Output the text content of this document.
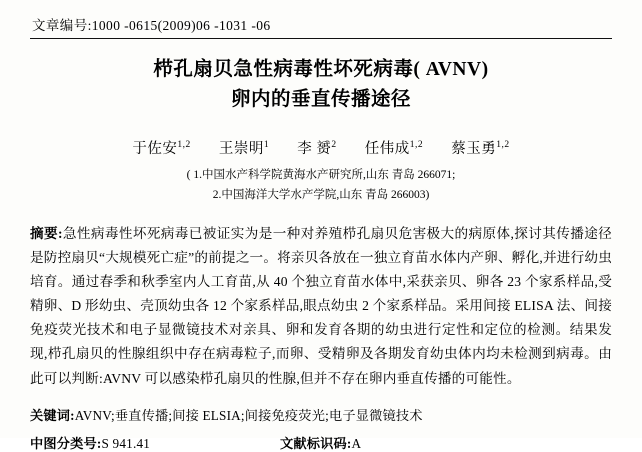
文章编号:1000 -0615(2009)06 -1031 -06
栉孔扇贝急性病毒性坏死病毒( AVNV)
卵内的垂直传播途径
于佐安$^{1,2}$ 王崇明$^1$ 李 赟$^2$ 任伟成$^{1,2}$ 蔡玉勇$^{1,2}$
( 1.中国水产科学院黄海水产研究所,山东 青岛 266071;
2.中国海洋大学水产学院,山东 青岛 266003)
摘要:急性病毒性坏死病毒已被证实为是一种对养殖栉孔扇贝危害极大的病原体,探讨其传播途径是防控扇贝“大规模死亡症”的前提之一。将亲贝各放在一独立育苗水体内产卵、孵化,并进行幼虫培育。通过春季和秋季室内人工育苗,从 40 个独立育苗水体中,采获亲贝、卵各 23 个家系样品,受精卵、D 形幼虫、壳顶幼虫各 12 个家系样品,眼点幼虫 2 个家系样品。采用间接 ELISA 法、间接免疫荧光技术和电子显微镜技术对亲具、卵和发育各期的幼虫进行定性和定位的检测。结果发现,栉孔扇贝的性腺组织中存在病毒粒子,而卵、受精卵及各期发育幼虫体内均未检测到病毒。由此可以判断:AVNV 可以感染栉孔扇贝的性腺,但并不存在卵内垂直传播的可能性。
关键词:AVNV;垂直传播;间接 ELSIA;间接免疫荧光;电子显微镜技术
中图分类号:S 941.41	文献标识码:A
